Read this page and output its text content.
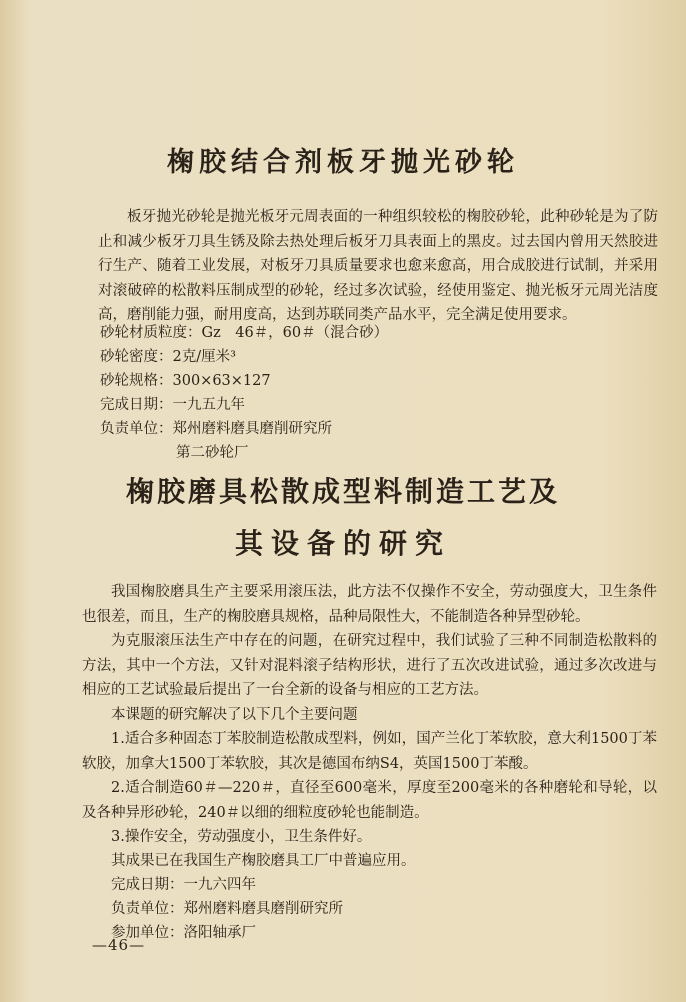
椈胶结合剂板牙抛光砂轮

板牙抛光砂轮是抛光板牙元周表面的一种组织较松的椈胶砂轮，此种砂轮是为了防止和减少板牙刀具生锈及除去热处理后板牙刀具表面上的黑皮。过去国内曾用天然胶进行生产、随着工业发展，对板牙刀具质量要求也愈来愈高，用合成胶进行试制，并采用对滚破碎的松散料压制成型的砂轮，经过多次试验，经使用鉴定、抛光板牙元周光洁度高，磨削能力强，耐用度高，达到苏联同类产品水平，完全满足使用要求。

砂轮材质粒度：Gz　46＃，60＃（混合砂）
砂轮密度：2克/厘米³
砂轮规格：300×63×127
完成日期：一九五九年
负责单位：郑州磨料磨具磨削研究所
第二砂轮厂
椈胶磨具松散成型料制造工艺及
其设备的研究

我国椈胶磨具生产主要采用滚压法，此方法不仅操作不安全，劳动强度大，卫生条件也很差，而且，生产的椈胶磨具规格，品种局限性大，不能制造各种异型砂轮。

为克服滚压法生产中存在的问题，在研究过程中，我们试验了三种不同制造松散料的方法，其中一个方法，又针对混料滚子结构形状，进行了五次改进试验，通过多次改进与相应的工艺试验最后提出了一台全新的设备与相应的工艺方法。

本课题的研究解决了以下几个主要问题

1.适合多种固态丁苯胶制造松散成型料，例如，国产兰化丁苯软胶，意大利1500丁苯软胶，加拿大1500丁苯软胶，其次是德国布纳S4，英国1500丁苯酸。

2.适合制造60＃—220＃，直径至600毫米，厚度至200毫米的各种磨轮和导轮，以及各种异形砂轮，240＃以细的细粒度砂轮也能制造。

3.操作安全，劳动强度小，卫生条件好。

其成果已在我国生产椈胶磨具工厂中普遍应用。

完成日期：一九六四年

负责单位：郑州磨料磨具磨削研究所

参加单位：洛阳轴承厂

—46—
